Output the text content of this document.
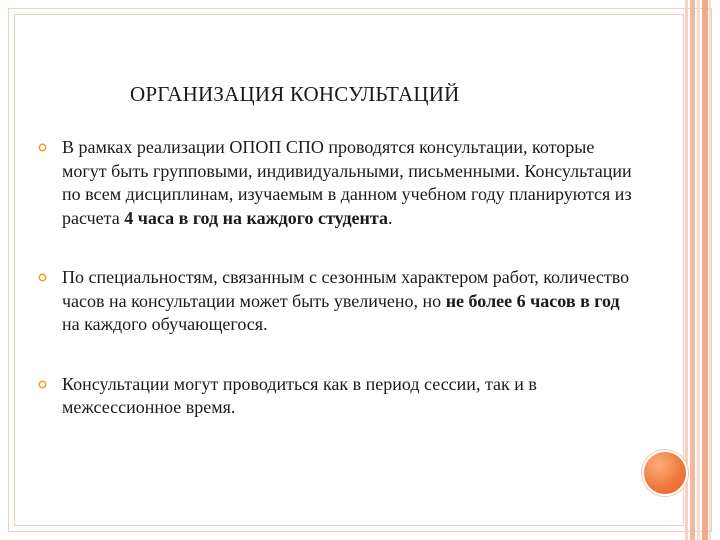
ОРГАНИЗАЦИЯ КОНСУЛЬТАЦИЙ
В рамках реализации ОПОП СПО проводятся консультации, которые могут быть групповыми, индивидуальными, письменными. Консультации по всем дисциплинам, изучаемым в данном учебном году планируются из расчета 4 часа в год на каждого студента.
По специальностям, связанным с сезонным характером работ, количество часов на консультации может быть увеличено, но не более 6 часов в год на каждого обучающегося.
Консультации могут проводиться как в период сессии, так и в межсессионное время.
